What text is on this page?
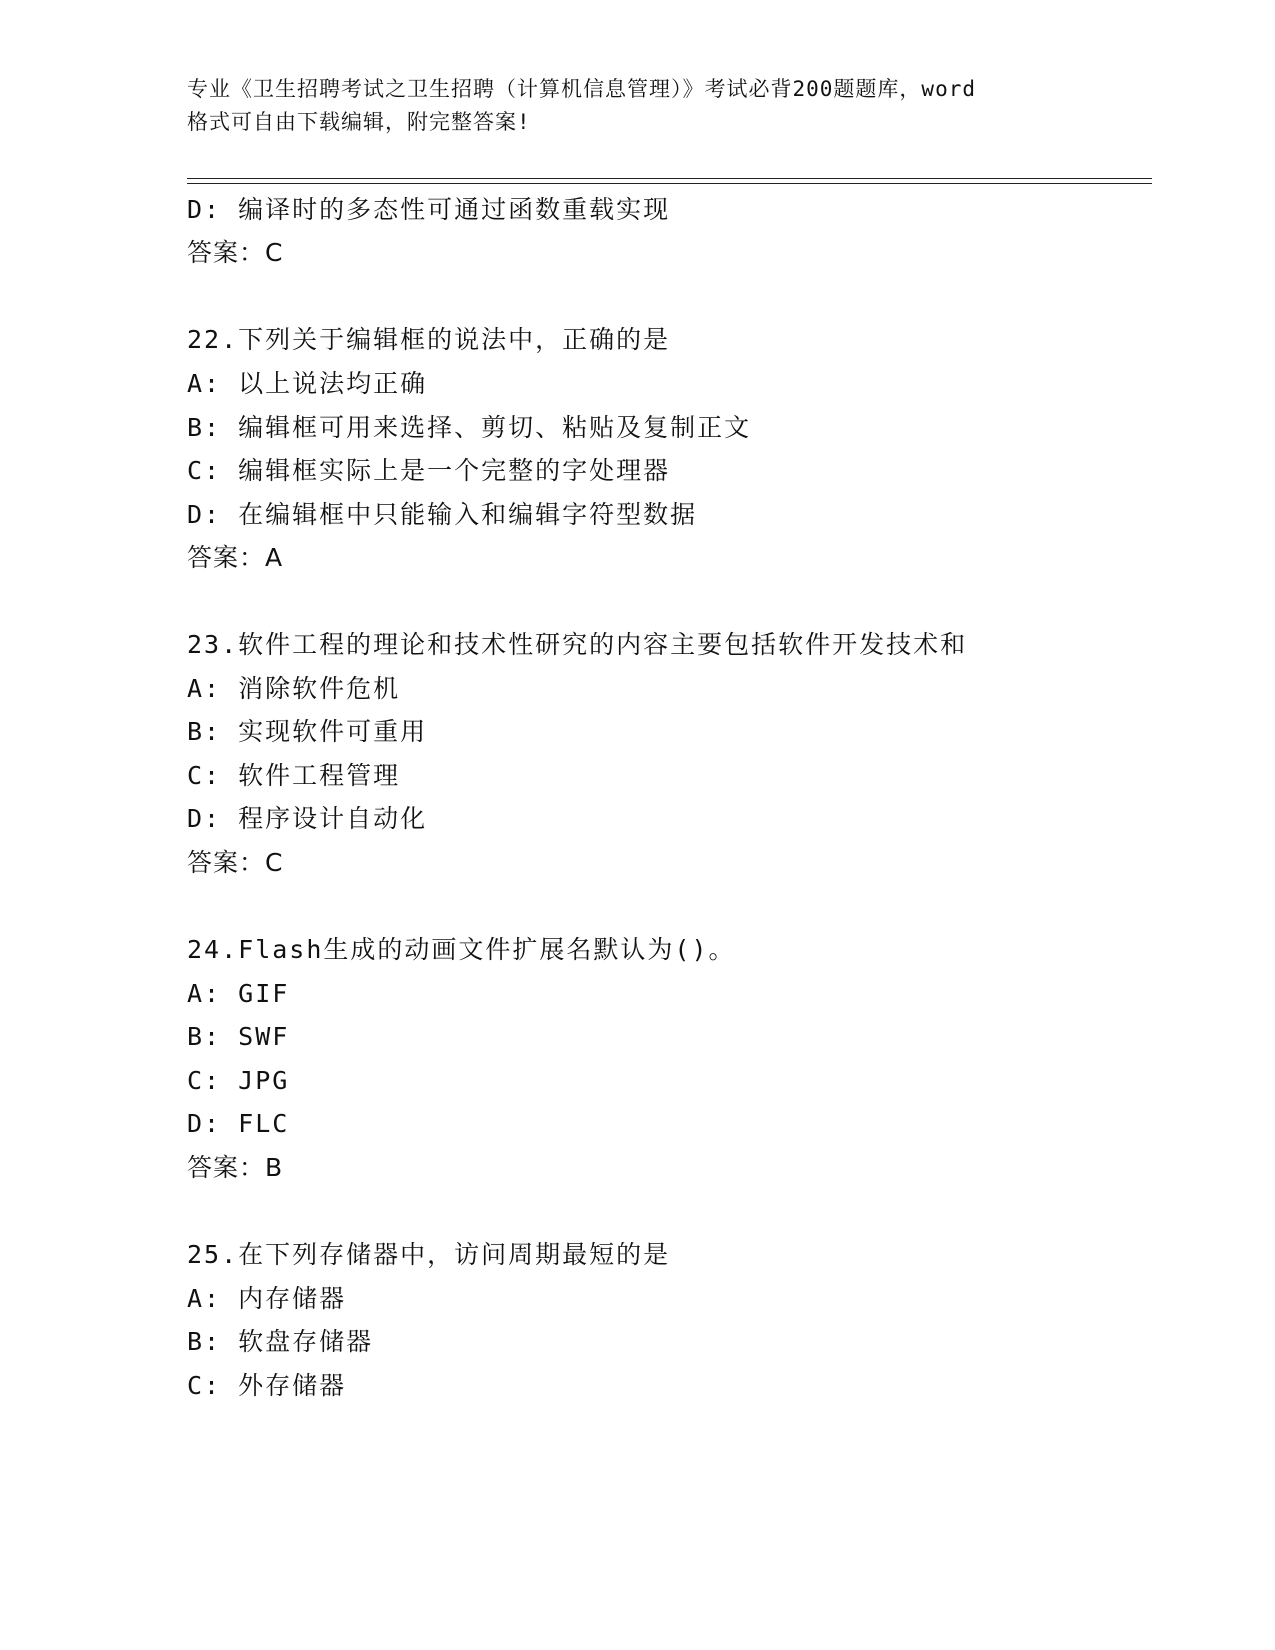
专业《卫生招聘考试之卫生招聘（计算机信息管理）》考试必背200题题库，word
格式可自由下载编辑，附完整答案!
D: 编译时的多态性可通过函数重载实现
答案：C
22.下列关于编辑框的说法中，正确的是
A: 以上说法均正确
B: 编辑框可用来选择、剪切、粘贴及复制正文
C: 编辑框实际上是一个完整的字处理器
D: 在编辑框中只能输入和编辑字符型数据
答案：A
23.软件工程的理论和技术性研究的内容主要包括软件开发技术和
A: 消除软件危机
B: 实现软件可重用
C: 软件工程管理
D: 程序设计自动化
答案：C
24.Flash生成的动画文件扩展名默认为()。
A: GIF
B: SWF
C: JPG
D: FLC
答案：B
25.在下列存储器中，访问周期最短的是
A: 内存储器
B: 软盘存储器
C: 外存储器
